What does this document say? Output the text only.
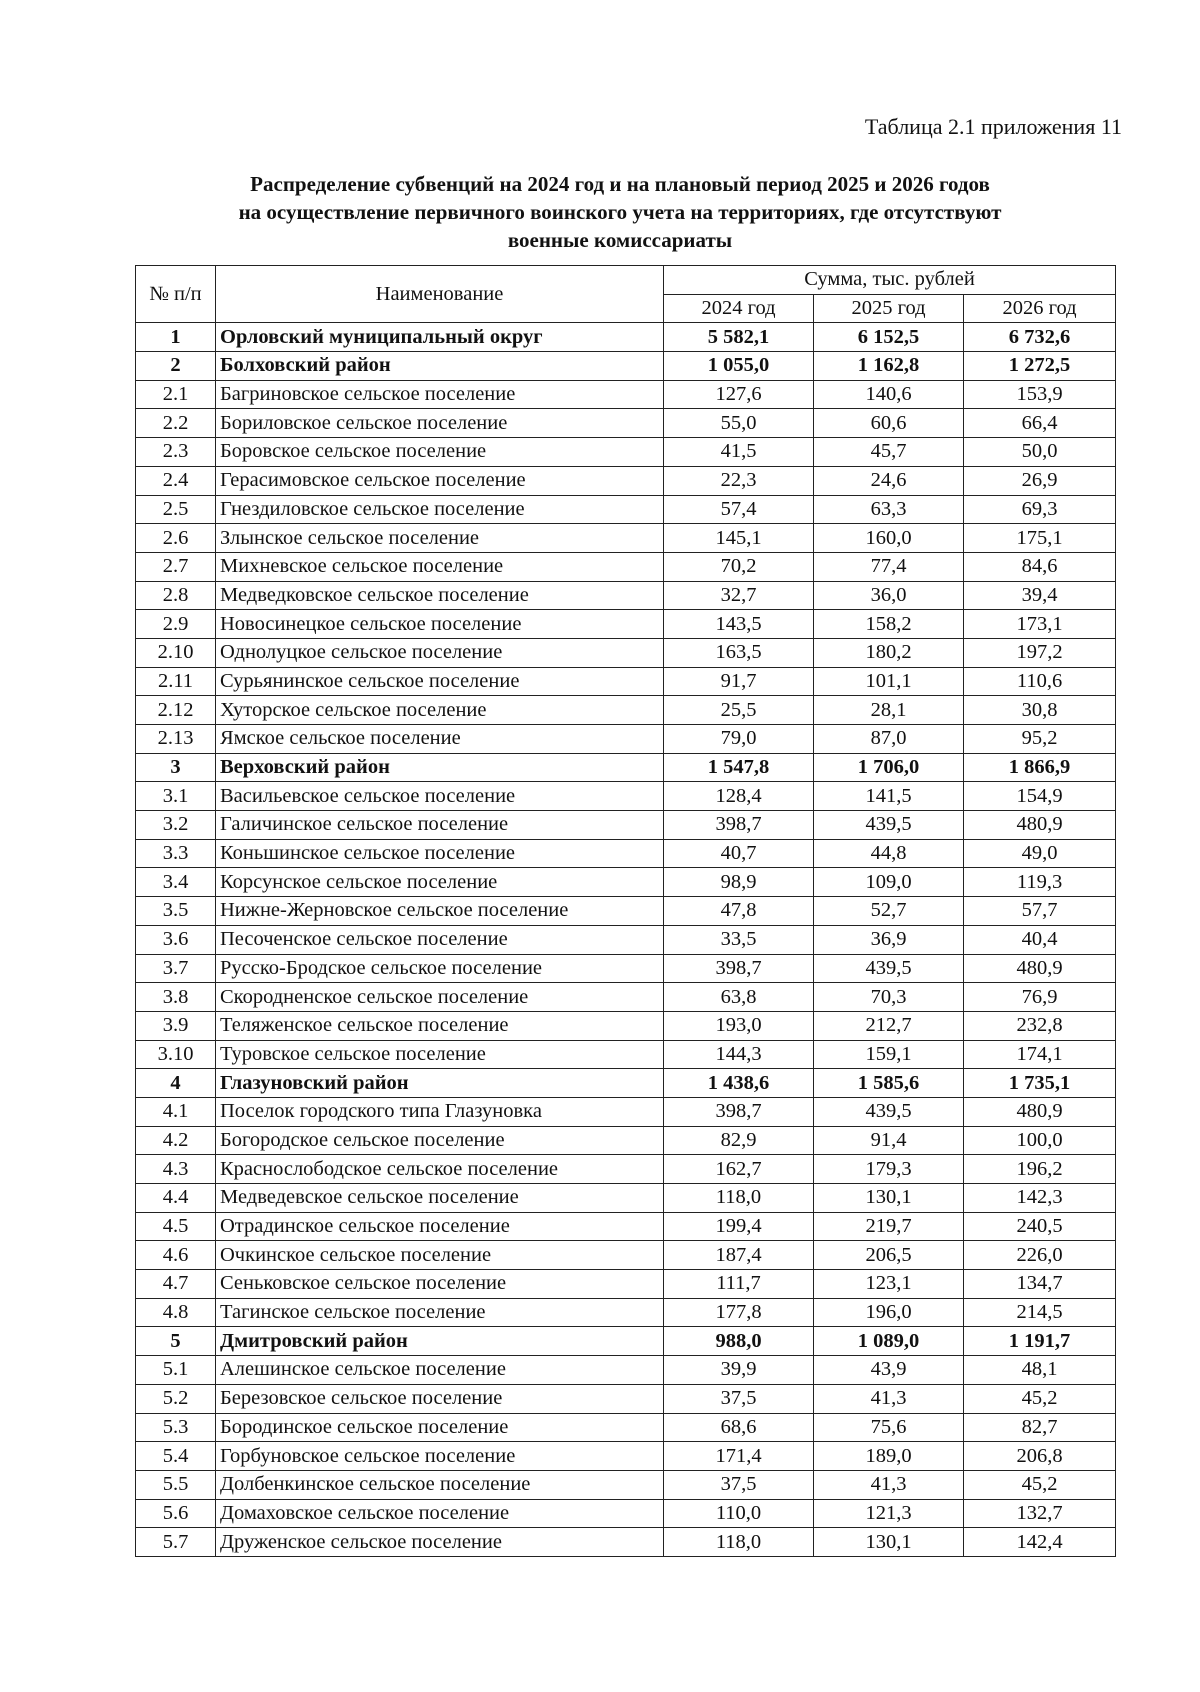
Таблица 2.1 приложения 11
Распределение субвенций на 2024 год и на плановый период 2025 и 2026 годов
на осуществление первичного воинского учета на территориях, где отсутствуют
военные комиссариаты
№ п/п	Наименование	Сумма, тыс. рублей		
		2024 год	2025 год	2026 год
1	Орловский муниципальный округ	5 582,1	6 152,5	6 732,6
2	Болховский район	1 055,0	1 162,8	1 272,5
2.1	Багриновское сельское поселение	127,6	140,6	153,9
2.2	Бориловское сельское поселение	55,0	60,6	66,4
2.3	Боровское сельское поселение	41,5	45,7	50,0
2.4	Герасимовское сельское поселение	22,3	24,6	26,9
2.5	Гнездиловское сельское поселение	57,4	63,3	69,3
2.6	Злынское сельское поселение	145,1	160,0	175,1
2.7	Михневское сельское поселение	70,2	77,4	84,6
2.8	Медведковское сельское поселение	32,7	36,0	39,4
2.9	Новосинецкое сельское поселение	143,5	158,2	173,1
2.10	Однолуцкое сельское поселение	163,5	180,2	197,2
2.11	Сурьянинское сельское поселение	91,7	101,1	110,6
2.12	Хуторское сельское поселение	25,5	28,1	30,8
2.13	Ямское сельское поселение	79,0	87,0	95,2
3	Верховский район	1 547,8	1 706,0	1 866,9
3.1	Васильевское сельское поселение	128,4	141,5	154,9
3.2	Галичинское сельское поселение	398,7	439,5	480,9
3.3	Коньшинское сельское поселение	40,7	44,8	49,0
3.4	Корсунское сельское поселение	98,9	109,0	119,3
3.5	Нижне-Жерновское сельское поселение	47,8	52,7	57,7
3.6	Песоченское сельское поселение	33,5	36,9	40,4
3.7	Русско-Бродское сельское поселение	398,7	439,5	480,9
3.8	Скородненское сельское поселение	63,8	70,3	76,9
3.9	Теляженское сельское поселение	193,0	212,7	232,8
3.10	Туровское сельское поселение	144,3	159,1	174,1
4	Глазуновский район	1 438,6	1 585,6	1 735,1
4.1	Поселок городского типа Глазуновка	398,7	439,5	480,9
4.2	Богородское сельское поселение	82,9	91,4	100,0
4.3	Краснослободское сельское поселение	162,7	179,3	196,2
4.4	Медведевское сельское поселение	118,0	130,1	142,3
4.5	Отрадинское сельское поселение	199,4	219,7	240,5
4.6	Очкинское сельское поселение	187,4	206,5	226,0
4.7	Сеньковское сельское поселение	111,7	123,1	134,7
4.8	Тагинское сельское поселение	177,8	196,0	214,5
5	Дмитровский район	988,0	1 089,0	1 191,7
5.1	Алешинское сельское поселение	39,9	43,9	48,1
5.2	Березовское сельское поселение	37,5	41,3	45,2
5.3	Бородинское сельское поселение	68,6	75,6	82,7
5.4	Горбуновское сельское поселение	171,4	189,0	206,8
5.5	Долбенкинское сельское поселение	37,5	41,3	45,2
5.6	Домаховское сельское поселение	110,0	121,3	132,7
5.7	Друженское сельское поселение	118,0	130,1	142,4
